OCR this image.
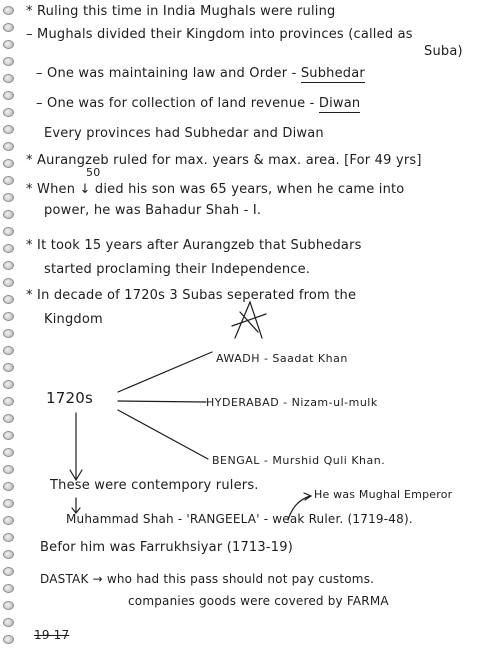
* Ruling this time in India Mughals were ruling
– Mughals divided their Kingdom into provinces (called as
Suba)
– One was maintaining law and Order - Subhedar
– One was for collection of land revenue - Diwan
Every provinces had Subhedar and Diwan
* Aurangzeb ruled for max. years & max. area. [For 49 yrs]
50
* When ↓ died his son was 65 years, when he came into
power, he was Bahadur Shah - I.
* It took 15 years after Aurangzeb that Subhedars
started proclaming their Independence.
* In decade of 1720s 3 Subas seperated from the
Kingdom
AWADH - Saadat Khan
1720s	HYDERABAD - Nizam-ul-mulk
BENGAL - Murshid Quli Khan.
These were contempory rulers.
He was Mughal Emperor
Muhammad Shah - 'RANGEELA' - weak Ruler. (1719-48).
Befor him was Farrukhsiyar (1713-19)
DASTAK → who had this pass should not pay customs.
companies goods were covered by FARMA
19 17
